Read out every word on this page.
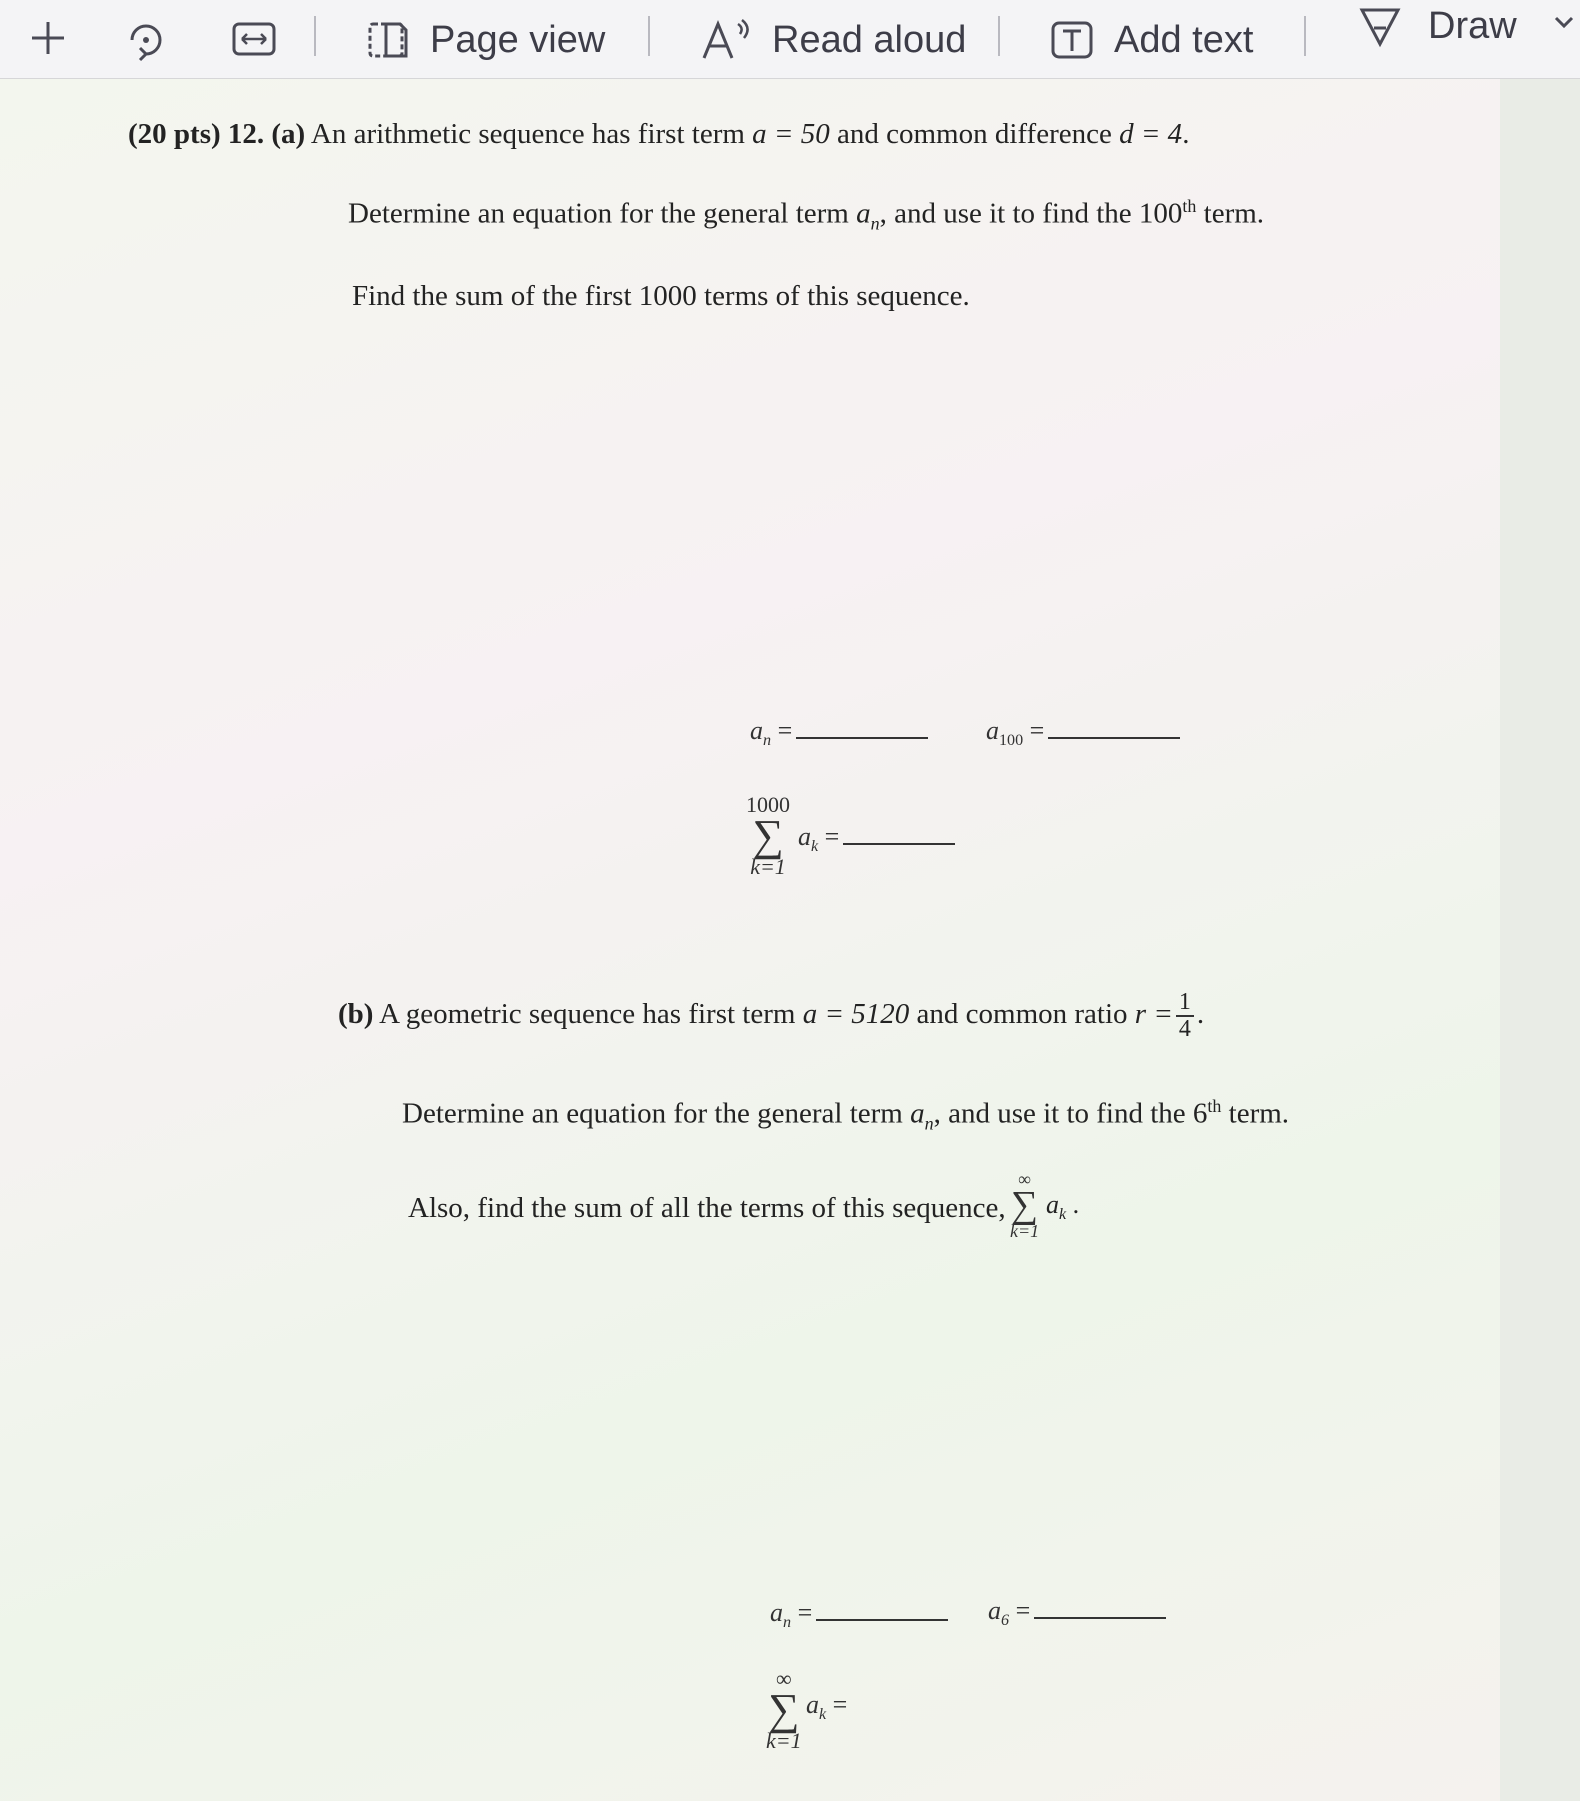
Page view	Read aloud	Add text	Draw
(20 pts) 12. (a) An arithmetic sequence has first term a = 50 and common difference d = 4.
Determine an equation for the general term $a_n$, and use it to find the 100th term.
Find the sum of the first 1000 terms of this sequence.
$a_n$ =	$a_{100}$ =
1000
∑
k=1
$a_k$ =
(b) A geometric sequence has first term a = 5120 and common ratio $r = \frac{1}{4}$ .
Determine an equation for the general term $a_n$, and use it to find the 6th term.
Also, find the sum of all the terms of this sequence,
∞
∑
k=1
$a_k$ .
$a_n$ =	$a_6$ =
∞
∑
k=1
$a_k$ =
